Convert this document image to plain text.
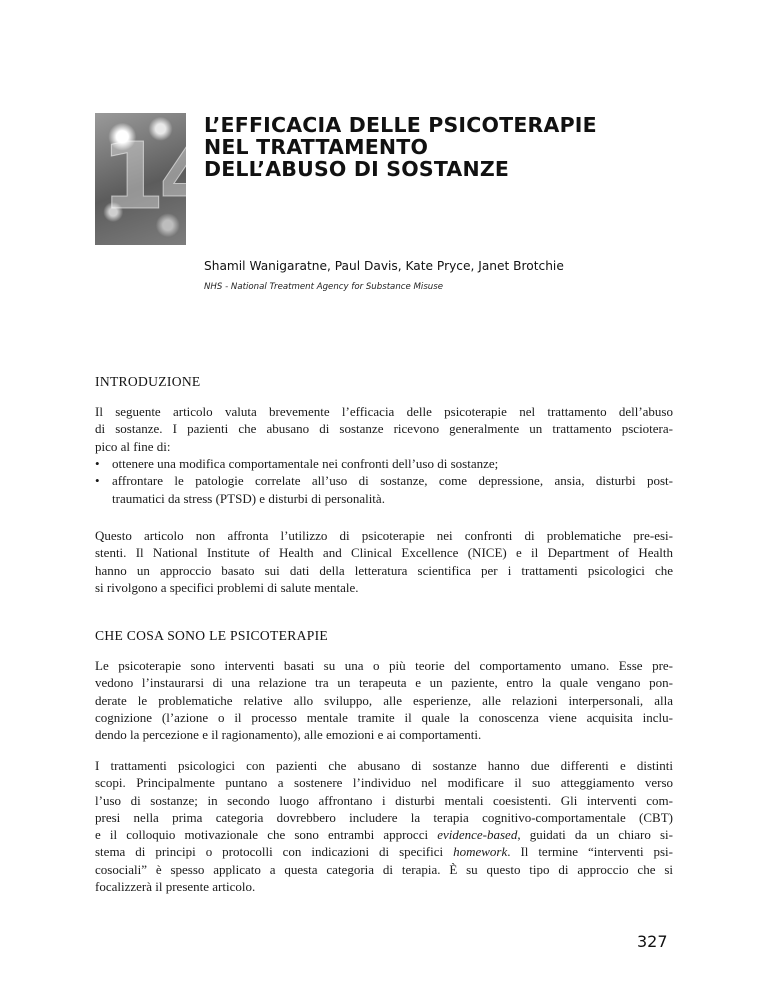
14
L’EFFICACIA DELLE PSICOTERAPIE
NEL TRATTAMENTO
DELL’ABUSO DI SOSTANZE
Shamil Wanigaratne, Paul Davis, Kate Pryce, Janet Brotchie
NHS - National Treatment Agency for Substance Misuse
INTRODUZIONE
Il seguente articolo valuta brevemente l’efficacia delle psicoterapie nel trattamento dell’abuso
di sostanze. I pazienti che abusano di sostanze ricevono generalmente un trattamento psciotera-
pico al fine di:
• ottenere una modifica comportamentale nei confronti dell’uso di sostanze;
• affrontare le patologie correlate all’uso di sostanze, come depressione, ansia, disturbi post-
traumatici da stress (PTSD) e disturbi di personalità.
Questo articolo non affronta l’utilizzo di psicoterapie nei confronti di problematiche pre-esi-
stenti. Il National Institute of Health and Clinical Excellence (NICE) e il Department of Health
hanno un approccio basato sui dati della letteratura scientifica per i trattamenti psicologici che
si rivolgono a specifici problemi di salute mentale.
CHE COSA SONO LE PSICOTERAPIE
Le psicoterapie sono interventi basati su una o più teorie del comportamento umano. Esse pre-
vedono l’instaurarsi di una relazione tra un terapeuta e un paziente, entro la quale vengano pon-
derate le problematiche relative allo sviluppo, alle esperienze, alle relazioni interpersonali, alla
cognizione (l’azione o il processo mentale tramite il quale la conoscenza viene acquisita inclu-
dendo la percezione e il ragionamento), alle emozioni e ai comportamenti.
I trattamenti psicologici con pazienti che abusano di sostanze hanno due differenti e distinti
scopi. Principalmente puntano a sostenere l’individuo nel modificare il suo atteggiamento verso
l’uso di sostanze; in secondo luogo affrontano i disturbi mentali coesistenti. Gli interventi com-
presi nella prima categoria dovrebbero includere la terapia cognitivo-comportamentale (CBT)
e il colloquio motivazionale che sono entrambi approcci evidence-based, guidati da un chiaro si-
stema di principi o protocolli con indicazioni di specifici homework. Il termine “interventi psi-
cosociali” è spesso applicato a questa categoria di terapia. È su questo tipo di approccio che si
focalizzerà il presente articolo.
327
